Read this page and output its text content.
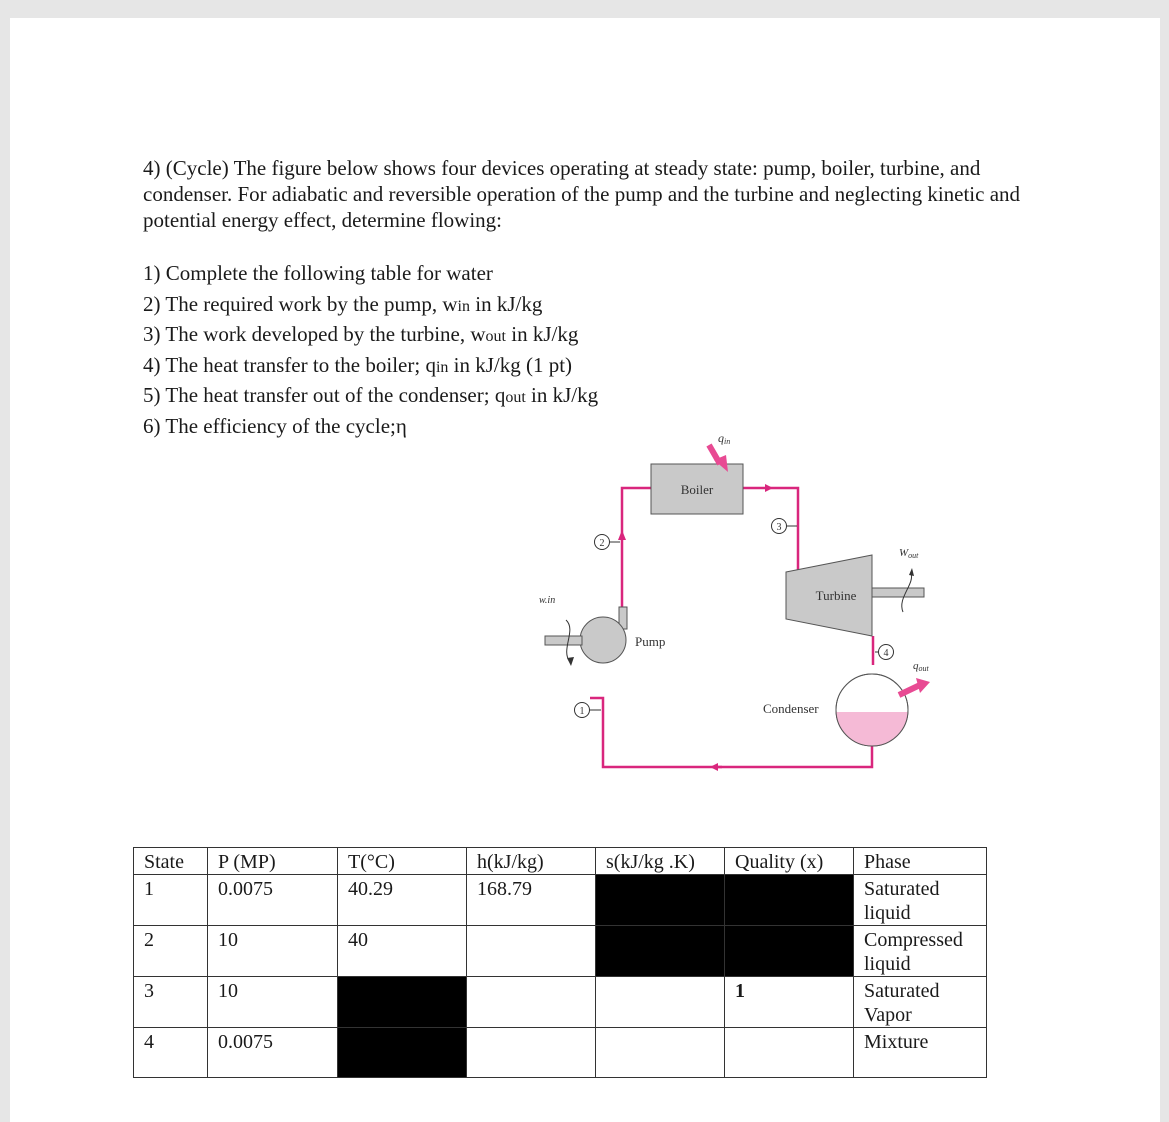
4) (Cycle) The figure below shows four devices operating at steady state: pump, boiler, turbine, and condenser. For adiabatic and reversible operation of the pump and the turbine and neglecting kinetic and potential energy effect, determine flowing:

1) Complete the following table for water
2) The required work by the pump, win in kJ/kg
3) The work developed by the turbine, wout in kJ/kg
4) The heat transfer to the boiler; qin in kJ/kg (1 pt)
5) The heat transfer out of the condenser; qout in kJ/kg
6) The efficiency of the cycle;η
Boiler
qin
Turbine
Wout
w.in
Pump
Condenser
qout
2
3
4
1
State	P (MP)	T(°C)	h(kJ/kg)	s(kJ/kg .K)	Quality (x)	Phase
1	0.0075	40.29	168.79			Saturated
liquid
2	10	40				Compressed
liquid
3	10				1	Saturated
Vapor
4	0.0075					Mixture
